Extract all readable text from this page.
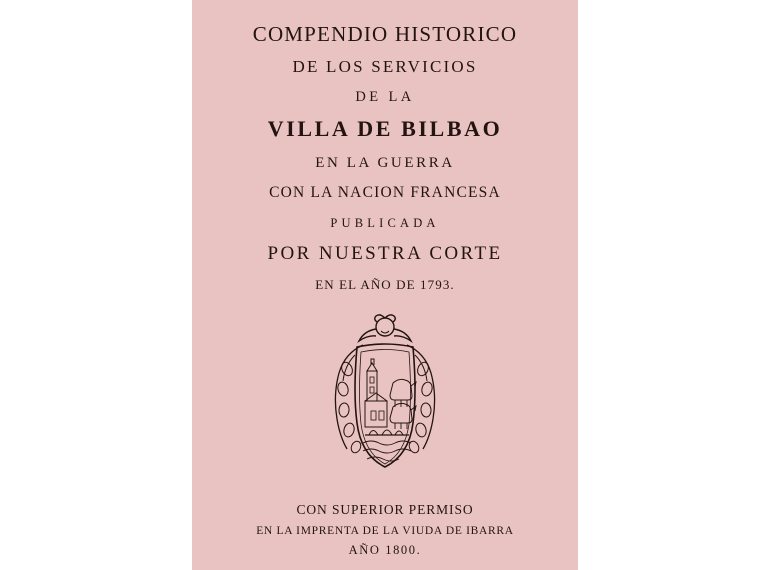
COMPENDIO HISTORICO
DE LOS SERVICIOS
DE LA
VILLA DE BILBAO
EN LA GUERRA
CON LA NACION FRANCESA
PUBLICADA
POR NUESTRA CORTE
EN EL AÑO DE 1793.
CON SUPERIOR PERMISO
EN LA IMPRENTA DE LA VIUDA DE IBARRA
AÑO 1800.
